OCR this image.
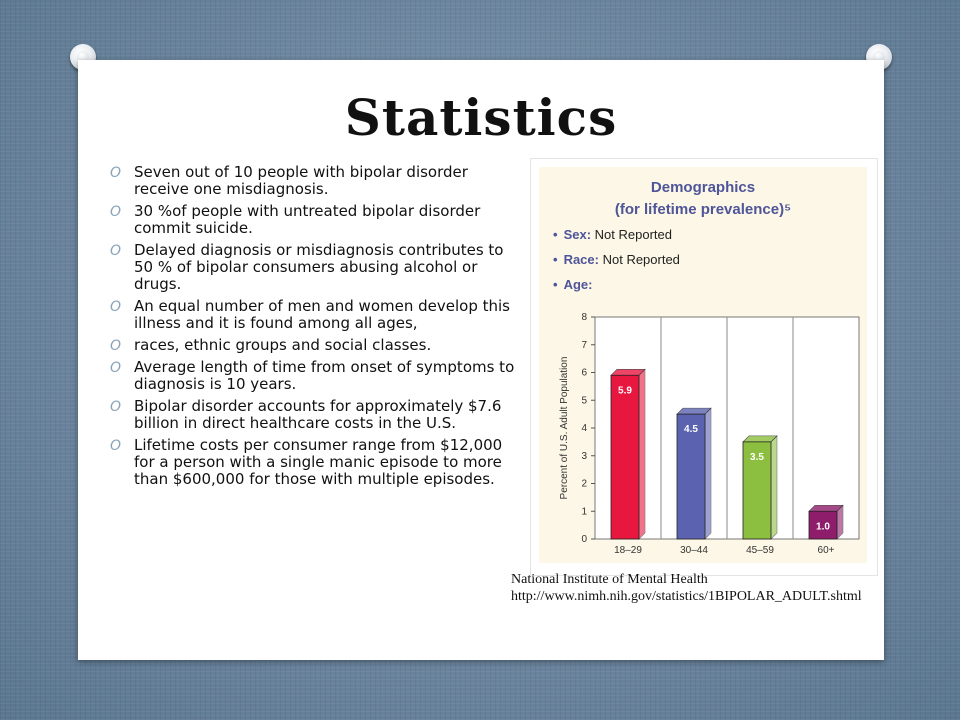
Statistics
O Seven out of 10 people with bipolar disorder receive one misdiagnosis.
O 30 %of people with untreated bipolar disorder commit suicide.
O Delayed diagnosis or misdiagnosis contributes to 50 % of bipolar consumers abusing alcohol or drugs.
O An equal number of men and women develop this illness and it is found among all ages,
O races, ethnic groups and social classes.
O Average length of time from onset of symptoms to diagnosis is 10 years.
O Bipolar disorder accounts for approximately $7.6 billion in direct healthcare costs in the U.S.
O Lifetime costs per consumer range from $12,000 for a person with a single manic episode to more than $600,000 for those with multiple episodes.
Demographics
(for lifetime prevalence)⁵
• Sex: Not Reported
• Race: Not Reported
• Age:
0
1
2
3
4
5
6
7
8
Percent of U.S. Adult Population	5.9
18–29
4.5
30–44
3.5
45–59
1.0
60+
National Institute of Mental Health
http://www.nimh.nih.gov/statistics/1BIPOLAR_ADULT.shtml
